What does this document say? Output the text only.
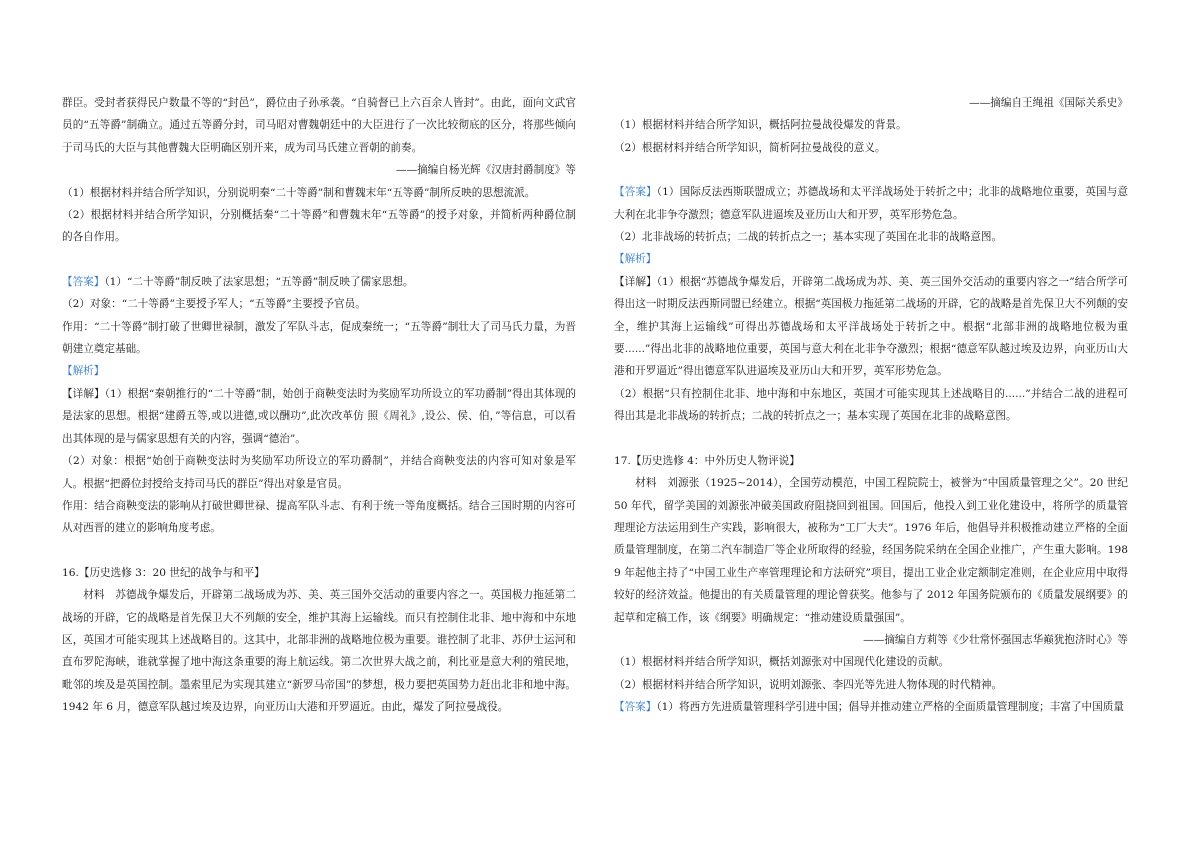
群臣。受封者获得民户数量不等的“封邑”，爵位由子孙承袭。“自骑督已上六百余人皆封”。由此，面向文武官员的“五等爵”制确立。通过五等爵分封，司马昭对曹魏朝廷中的大臣进行了一次比较彻底的区分，将那些倾向于司马氏的大臣与其他曹魏大臣明确区别开来，成为司马氏建立晋朝的前奏。

——摘编自杨光辉《汉唐封爵制度》等

（1）根据材料并结合所学知识，分别说明秦“二十等爵”制和曹魏末年“五等爵”制所反映的思想流派。

（2）根据材料并结合所学知识，分别概括秦“二十等爵”和曹魏末年“五等爵”的授予对象，并简析两种爵位制的各自作用。

【答案】（1）“二十等爵”制反映了法家思想；“五等爵”制反映了儒家思想。

（2）对象：“二十等爵”主要授予军人；“五等爵”主要授予官员。

作用：“二十等爵”制打破了世卿世禄制，激发了军队斗志，促成秦统一；“五等爵”制壮大了司马氏力量，为晋朝建立奠定基础。

【解析】

【详解】（1）根据“秦朝推行的“二十等爵”制，始创于商鞅变法时为奖励军功所设立的军功爵制”得出其体现的是法家的思想。根据“建爵五等,或以进德,或以酬功”,此次改革仿 照《周礼》,设公、侯、伯，”等信息，可以看出其体现的是与儒家思想有关的内容，强调“德治”。

（2）对象：根据“始创于商鞅变法时为奖励军功所设立的军功爵制”，并结合商鞅变法的内容可知对象是军人。根据“把爵位封授给支持司马氏的群臣”得出对象是官员。

作用：结合商鞅变法的影响从打破世卿世禄、提高军队斗志、有利于统一等角度概括。结合三国时期的内容可从对西晋的建立的影响角度考虑。

16.【历史选修 3：20 世纪的战争与和平】

材料　苏德战争爆发后，开辟第二战场成为苏、美、英三国外交活动的重要内容之一。英国极力拖延第二战场的开辟，它的战略是首先保卫大不列颠的安全，维护其海上运输线。而只有控制住北非、地中海和中东地区，英国才可能实现其上述战略目的。这其中，北部非洲的战略地位极为重要。谁控制了北非、苏伊士运河和直布罗陀海峡，谁就掌握了地中海这条重要的海上航运线。第二次世界大战之前，利比亚是意大利的殖民地，毗邻的埃及是英国控制。墨索里尼为实现其建立“新罗马帝国”的梦想，极力要把英国势力赶出北非和地中海。1942 年 6 月，德意军队越过埃及边界，向亚历山大港和开罗逼近。由此，爆发了阿拉曼战役。

——摘编自王绳祖《国际关系史》

（1）根据材料并结合所学知识，概括阿拉曼战役爆发的背景。

（2）根据材料并结合所学知识，简析阿拉曼战役的意义。

【答案】（1）国际反法西斯联盟成立；苏德战场和太平洋战场处于转折之中；北非的战略地位重要，英国与意大利在北非争夺激烈；德意军队进逼埃及亚历山大和开罗，英军形势危急。

（2）北非战场的转折点；二战的转折点之一；基本实现了英国在北非的战略意图。

【解析】

【详解】（1）根据“苏德战争爆发后，开辟第二战场成为苏、美、英三国外交活动的重要内容之一”结合所学可得出这一时期反法西斯同盟已经建立。根据“英国极力拖延第二战场的开辟，它的战略是首先保卫大不列颠的安全，维护其海上运输线”可得出苏德战场和太平洋战场处于转折之中。根据“北部非洲的战略地位极为重要......”得出北非的战略地位重要，英国与意大利在北非争夺激烈；根据“德意军队越过埃及边界，向亚历山大港和开罗逼近”得出德意军队进逼埃及亚历山大和开罗，英军形势危急。

（2）根据“只有控制住北非、地中海和中东地区，英国才可能实现其上述战略目的......”并结合二战的进程可得出其是北非战场的转折点；二战的转折点之一；基本实现了英国在北非的战略意图。

17.【历史选修 4：中外历史人物评说】

材料　刘源张（1925~2014），全国劳动模范，中国工程院院士，被誉为“中国质量管理之父”。20 世纪 50 年代，留学美国的刘源张冲破美国政府阻挠回到祖国。回国后，他投入到工业化建设中，将所学的质量管理理论方法运用到生产实践，影响很大，被称为“工厂大夫”。1976 年后，他倡导并积极推动建立严格的全面质量管理制度，在第二汽车制造厂等企业所取得的经验，经国务院采纳在全国企业推广，产生重大影响。1989 年起他主持了“中国工业生产率管理理论和方法研究”项目，提出工业企业定额制定准则，在企业应用中取得较好的经济效益。他提出的有关质量管理的理论曾获奖。他参与了 2012 年国务院颁布的《质量发展纲要》的起草和定稿工作，该《纲要》明确规定：“推动建设质量强国”。

——摘编自方莉等《少壮常怀强国志华巅犹抱济时心》等

（1）根据材料并结合所学知识，概括刘源张对中国现代化建设的贡献。

（2）根据材料并结合所学知识，说明刘源张、李四光等先进人物体现的时代精神。

【答案】（1）将西方先进质量管理科学引进中国；倡导并推动建立严格的全面质量管理制度；丰富了中国质量
